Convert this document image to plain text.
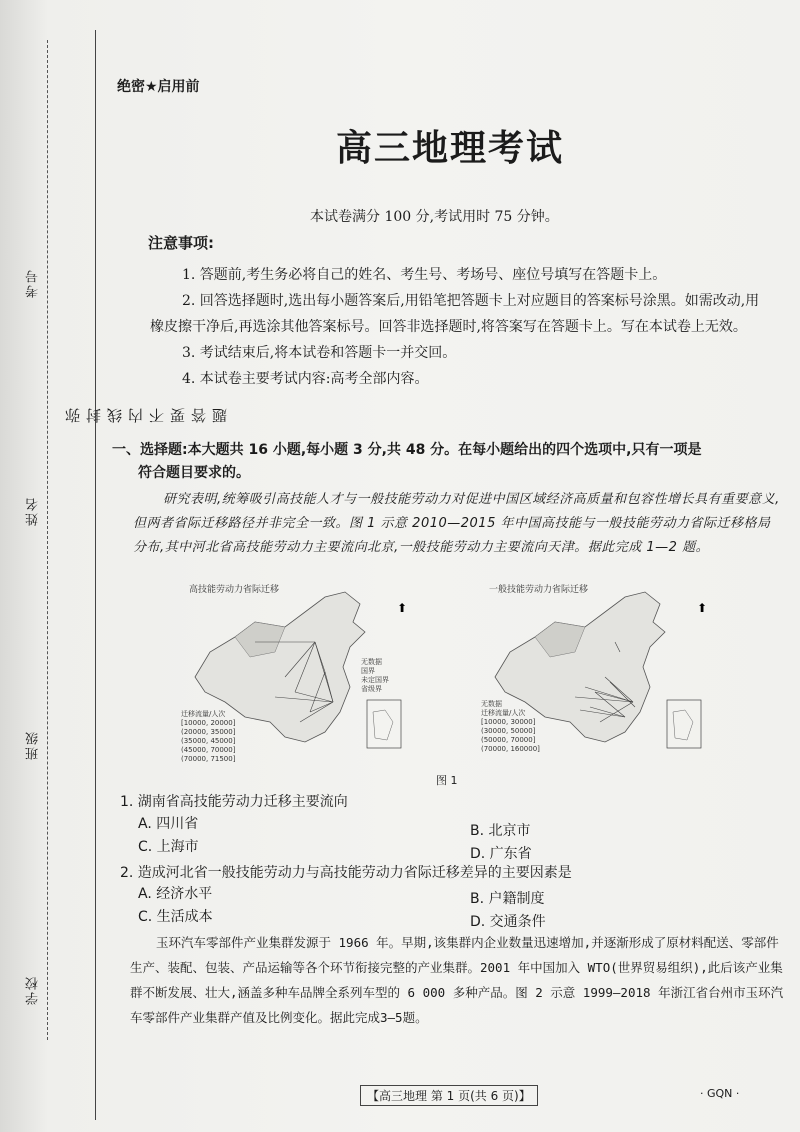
考号
姓名
班级
学校
弥 封 线 内 不 要 答 题
绝密★启用前
高三地理考试
本试卷满分 100 分,考试用时 75 分钟。
注意事项:

1. 答题前,考生务必将自己的姓名、考生号、考场号、座位号填写在答题卡上。

2. 回答选择题时,选出每小题答案后,用铅笔把答题卡上对应题目的答案标号涂黑。如需改动,用橡皮擦干净后,再选涂其他答案标号。回答非选择题时,将答案写在答题卡上。写在本试卷上无效。

3. 考试结束后,将本试卷和答题卡一并交回。

4. 本试卷主要考试内容:高考全部内容。

一、选择题:本大题共 16 小题,每小题 3 分,共 48 分。在每小题给出的四个选项中,只有一项是
符合题目要求的。

研究表明,统筹吸引高技能人才与一般技能劳动力对促进中国区域经济高质量和包容性增长具有重要意义,但两者省际迁移路径并非完全一致。图 1 示意 2010—2015 年中国高技能与一般技能劳动力省际迁移格局分布,其中河北省高技能劳动力主要流向北京,一般技能劳动力主要流向天津。据此完成 1—2 题。

高技能劳动力省际迁移
⬆
无数据
国界
未定国界
省级界
迁移流量/人次
[10000, 20000]
(20000, 35000]
(35000, 45000]
(45000, 70000]
(70000, 71500]
一般技能劳动力省际迁移
⬆
无数据
迁移流量/人次
[10000, 30000]
(30000, 50000]
(50000, 70000]
(70000, 160000]
图 1
1. 湖南省高技能劳动力迁移主要流向
A. 四川省	B. 北京市
C. 上海市	D. 广东省
2. 造成河北省一般技能劳动力与高技能劳动力省际迁移差异的主要因素是
A. 经济水平	B. 户籍制度
C. 生活成本	D. 交通条件

玉环汽车零部件产业集群发源于 1966 年。早期,该集群内企业数量迅速增加,并逐渐形成了原材料配送、零部件生产、装配、包装、产品运输等各个环节衔接完整的产业集群。2001 年中国加入 WTO(世界贸易组织),此后该产业集群不断发展、壮大,涵盖多种车品牌全系列车型的 6 000 多种产品。图 2 示意 1999—2018 年浙江省台州市玉环汽车零部件产业集群产值及比例变化。据此完成3—5题。

【高三地理 第 1 页(共 6 页)】	· GQN ·
